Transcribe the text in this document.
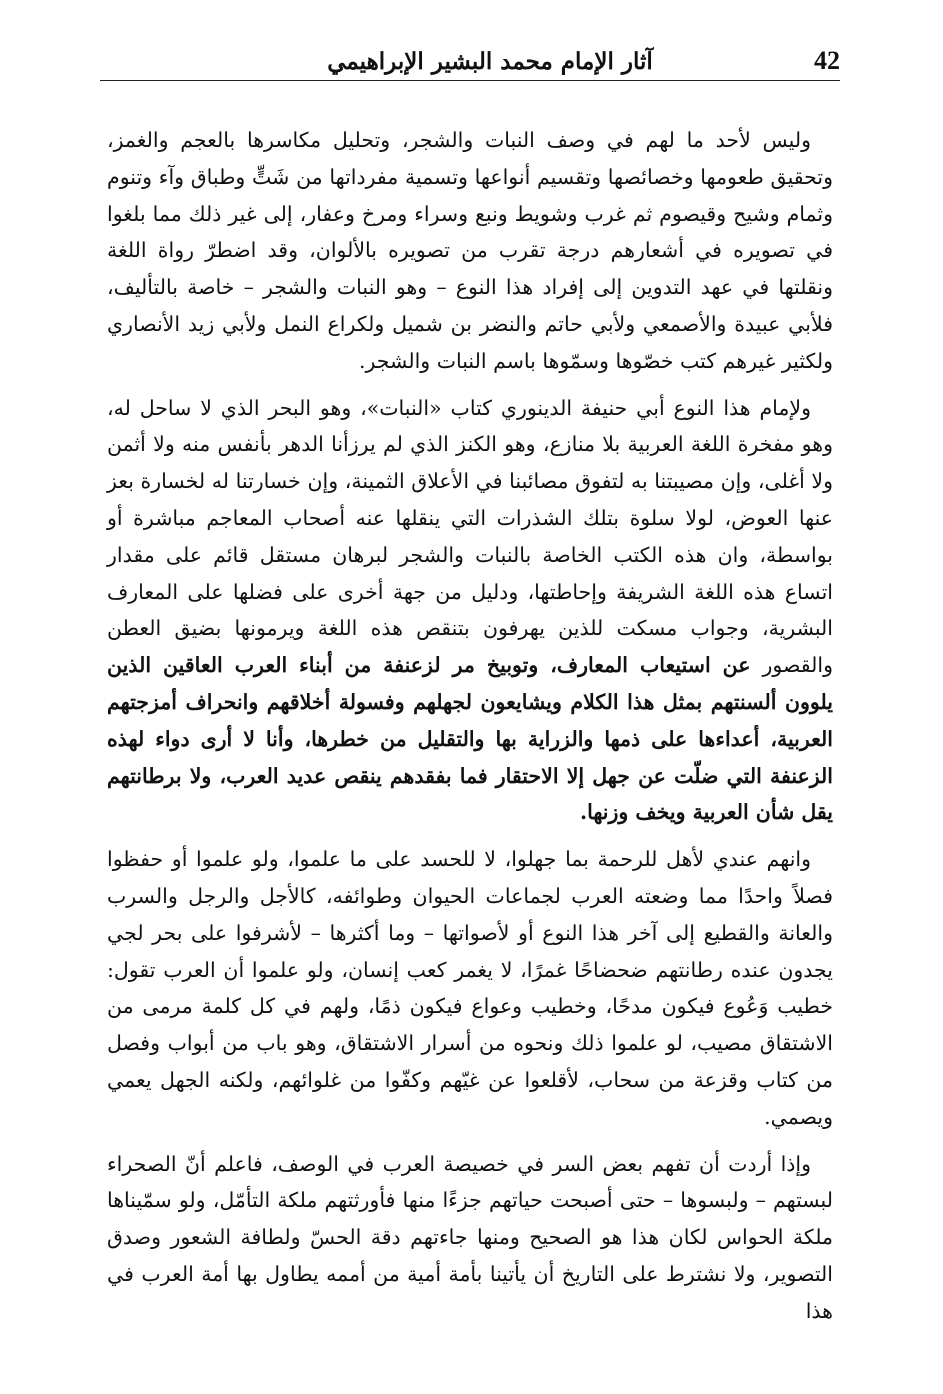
42
آثار الإمام محمد البشير الإبراهيمي

وليس لأحد ما لهم في وصف النبات والشجر، وتحليل مكاسرها بالعجم والغمز، وتحقيق طعومها وخصائصها وتقسيم أنواعها وتسمية مفرداتها من شَتٍّ وطباق وآء وتنوم وثمام وشيح وقيصوم ثم غرب وشويط ونبع وسراء ومرخ وعفار، إلى غير ذلك مما بلغوا في تصويره في أشعارهم درجة تقرب من تصويره بالألوان، وقد اضطرّ رواة اللغة ونقلتها في عهد التدوين إلى إفراد هذا النوع – وهو النبات والشجر – خاصة بالتأليف، فلأبي عبيدة والأصمعي ولأبي حاتم والنضر بن شميل ولكراع النمل ولأبي زيد الأنصاري ولكثير غيرهم كتب خصّوها وسمّوها باسم النبات والشجر.

ولإمام هذا النوع أبي حنيفة الدينوري كتاب «النبات»، وهو البحر الذي لا ساحل له، وهو مفخرة اللغة العربية بلا منازع، وهو الكنز الذي لم يرزأنا الدهر بأنفس منه ولا أثمن ولا أغلى، وإن مصيبتنا به لتفوق مصائبنا في الأعلاق الثمينة، وإن خسارتنا له لخسارة بعز عنها العوض، لولا سلوة بتلك الشذرات التي ينقلها عنه أصحاب المعاجم مباشرة أو بواسطة، وان هذه الكتب الخاصة بالنبات والشجر لبرهان مستقل قائم على مقدار اتساع هذه اللغة الشريفة وإحاطتها، ودليل من جهة أخرى على فضلها على المعارف البشرية، وجواب مسكت للذين يهرفون بتنقص هذه اللغة ويرمونها بضيق العطن والقصور عن استيعاب المعارف، وتوبيخ مر لزعنفة من أبناء العرب العاقين الذين يلوون ألسنتهم بمثل هذا الكلام ويشايعون لجهلهم وفسولة أخلاقهم وانحراف أمزجتهم العربية، أعداءها على ذمها والزراية بها والتقليل من خطرها، وأنا لا أرى دواء لهذه الزعنفة التي ضلّت عن جهل إلا الاحتقار فما بفقدهم ينقص عديد العرب، ولا برطانتهم يقل شأن العربية ويخف وزنها.

وانهم عندي لأهل للرحمة بما جهلوا، لا للحسد على ما علموا، ولو علموا أو حفظوا فصلاً واحدًا مما وضعته العرب لجماعات الحيوان وطوائفه، كالأجل والرجل والسرب والعانة والقطيع إلى آخر هذا النوع أو لأصواتها – وما أكثرها – لأشرفوا على بحر لجي يجدون عنده رطانتهم ضحضاحًا غمرًا، لا يغمر كعب إنسان، ولو علموا أن العرب تقول: خطيب وَعُوع فيكون مدحًا، وخطيب وعواع فيكون ذمًا، ولهم في كل كلمة مرمى من الاشتقاق مصيب، لو علموا ذلك ونحوه من أسرار الاشتقاق، وهو باب من أبواب وفصل من كتاب وقزعة من سحاب، لأقلعوا عن غيّهم وكفّوا من غلوائهم، ولكنه الجهل يعمي ويصمي.

وإذا أردت أن تفهم بعض السر في خصيصة العرب في الوصف، فاعلم أنّ الصحراء لبستهم – ولبسوها – حتى أصبحت حياتهم جزءًا منها فأورثتهم ملكة التأمّل، ولو سمّيناها ملكة الحواس لكان هذا هو الصحيح ومنها جاءتهم دقة الحسّ ولطافة الشعور وصدق التصوير، ولا نشترط على التاريخ أن يأتينا بأمة أمية من أممه يطاول بها أمة العرب في هذا
